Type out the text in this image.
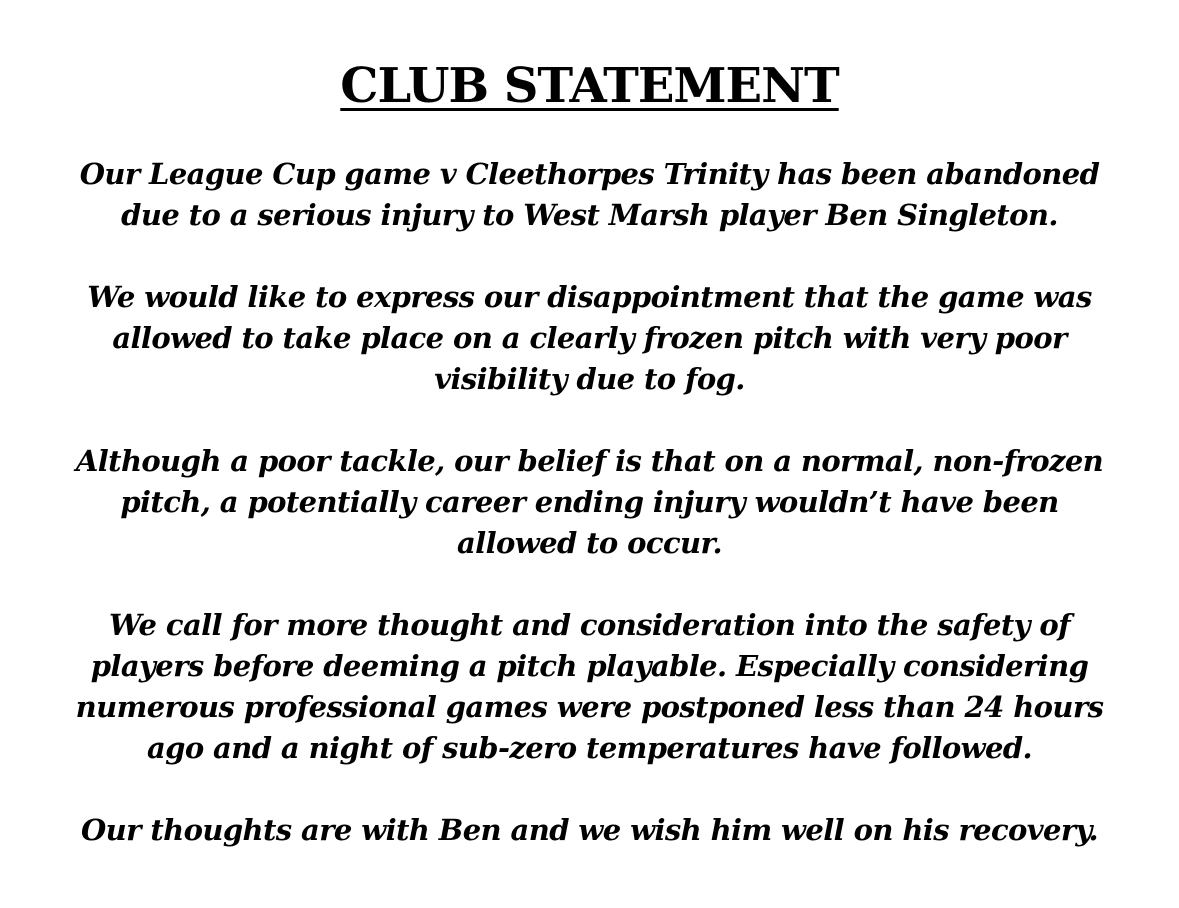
CLUB STATEMENT

Our League Cup game v Cleethorpes Trinity has been abandoned
due to a serious injury to West Marsh player Ben Singleton.

We would like to express our disappointment that the game was
allowed to take place on a clearly frozen pitch with very poor
visibility due to fog.

Although a poor tackle, our belief is that on a normal, non-frozen
pitch, a potentially career ending injury wouldn’t have been
allowed to occur.

We call for more thought and consideration into the safety of
players before deeming a pitch playable. Especially considering
numerous professional games were postponed less than 24 hours
ago and a night of sub-zero temperatures have followed.

Our thoughts are with Ben and we wish him well on his recovery.
